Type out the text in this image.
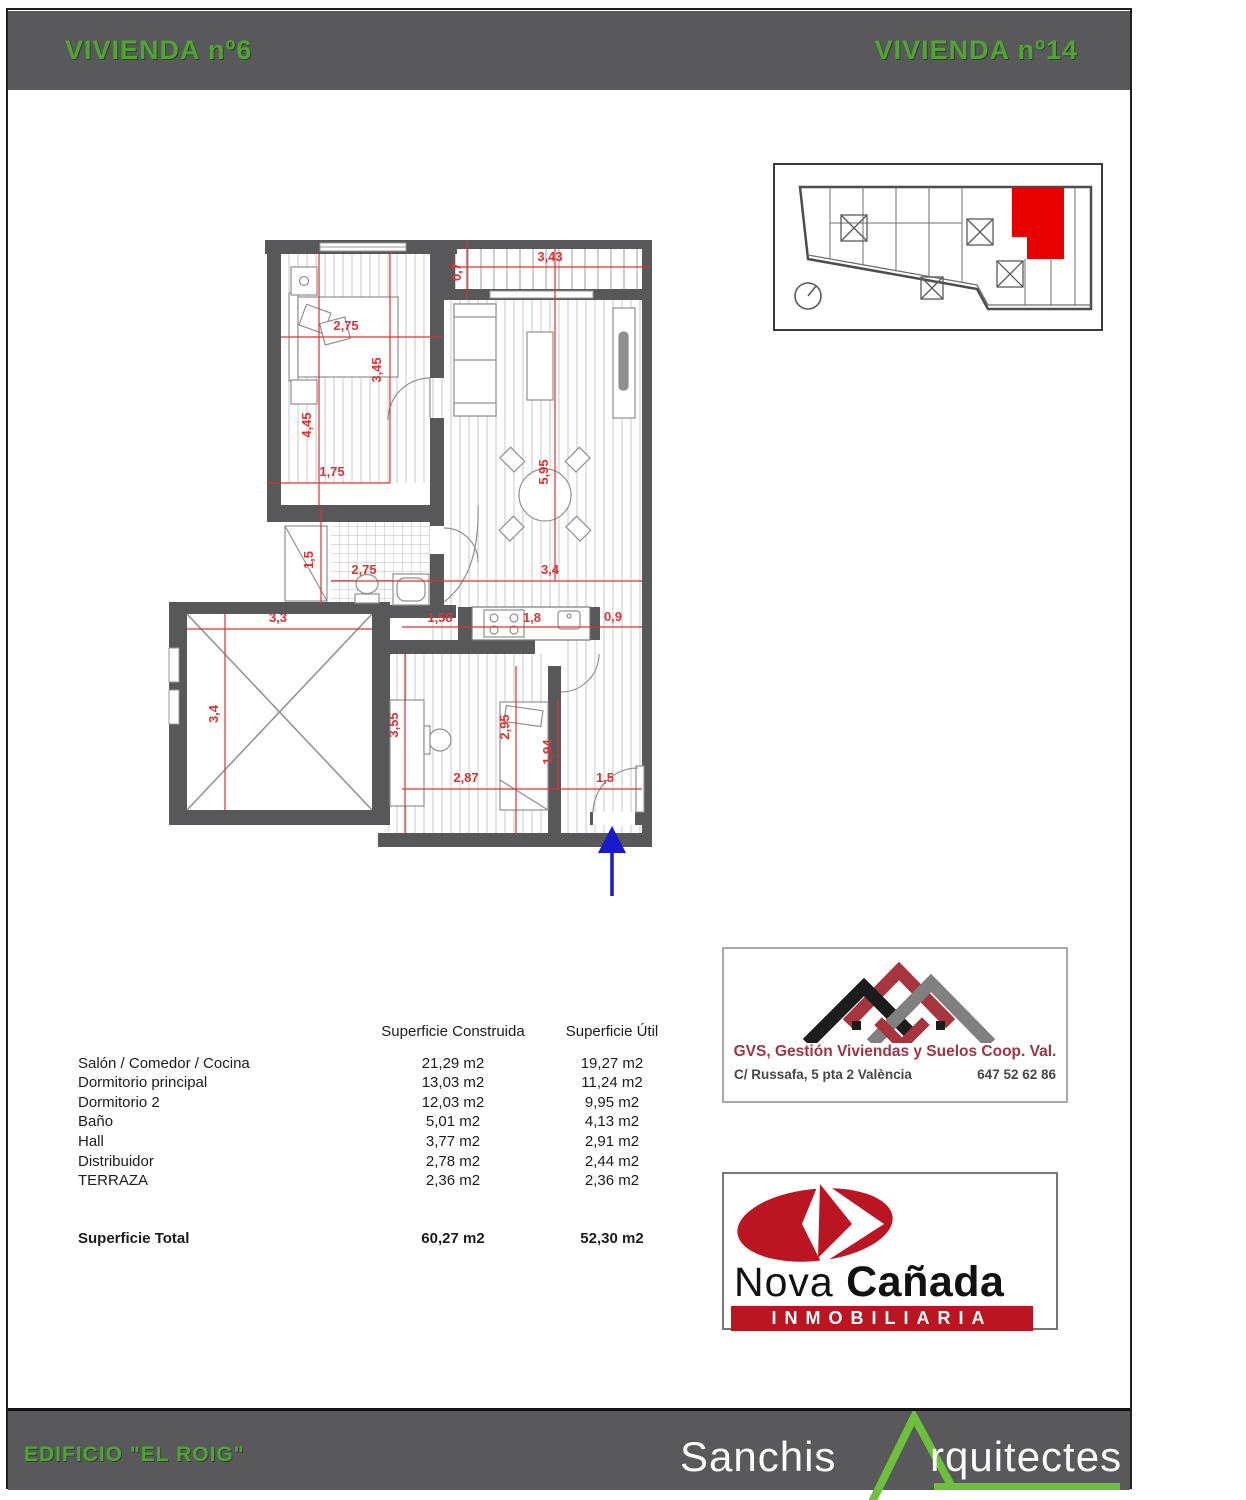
VIVIENDA nº6	VIVIENDA nº14
2,75
3,45
4,45
1,75
1,5
2,75	3,4
5,95
0,7
3,43
1,58	1,8	0,9
3,3
3,4	3,55	2,95
2,87
1,94
1,5
Superficie Construida	Superficie Útil
Salón / Comedor / Cocina	21,29 m2	19,27 m2
Dormitorio principal	13,03 m2	11,24 m2
Dormitorio 2	12,03 m2	9,95 m2
Baño	5,01 m2	4,13 m2
Hall	3,77 m2	2,91 m2
Distribuidor	2,78 m2	2,44 m2
TERRAZA	2,36 m2	2,36 m2
Superficie Total	60,27 m2	52,30 m2
GVS, Gestión Viviendas y Suelos Coop. Val.
C/ Russafa, 5 pta 2 València	647 52 62 86
Nova Cañada
INMOBILIARIA
EDIFICIO "EL ROIG"	Sanchis rquitectes
